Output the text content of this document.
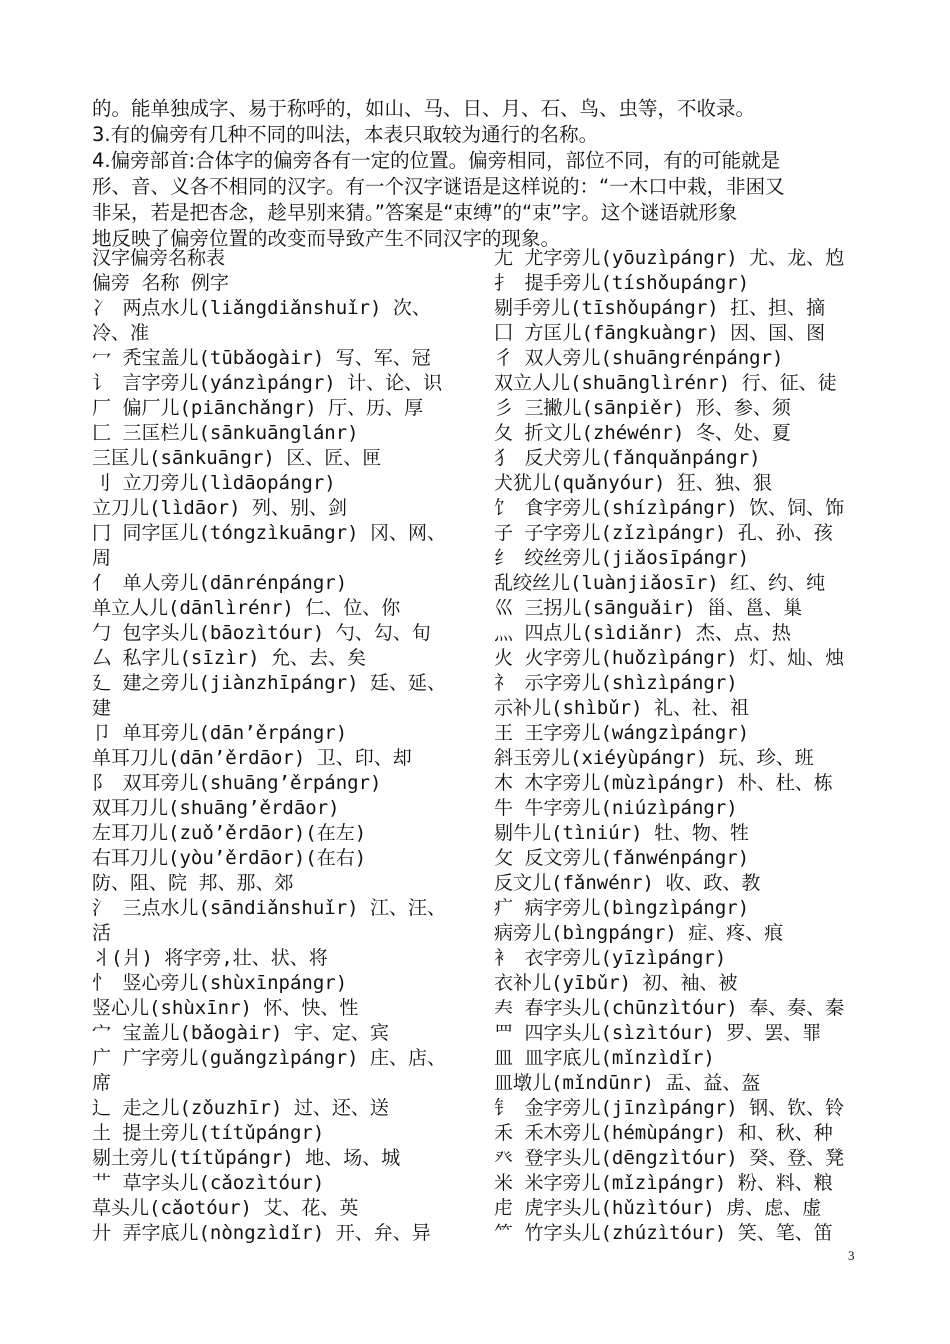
的。能单独成字、易于称呼的，如山、马、日、月、石、鸟、虫等，不收录。
3.有的偏旁有几种不同的叫法，本表只取较为通行的名称。
4.偏旁部首:合体字的偏旁各有一定的位置。偏旁相同，部位不同，有的可能就是
形、音、义各不相同的汉字。有一个汉字谜语是这样说的：“一木口中栽，非困又
非呆，若是把杏念，趁早别来猜。”答案是“束缚”的“束”字。这个谜语就形象
地反映了偏旁位置的改变而导致产生不同汉字的现象。
汉字偏旁名称表
偏旁 名称 例字
冫 两点水儿(liǎngdiǎnshuǐr) 次、
冷、准
冖 秃宝盖儿(tūbǎogàir) 写、军、冠
讠 言字旁儿(yánzìpángr) 计、论、识
厂 偏厂儿(piānchǎngr) 厅、历、厚
匚 三匡栏儿(sānkuānglánr)
三匡儿(sānkuāngr) 区、匠、匣
刂 立刀旁儿(lìdāopángr)
立刀儿(lìdāor) 列、别、剑
冂 同字匡儿(tóngzìkuāngr) 冈、网、
周
亻 单人旁儿(dānrénpángr)
单立人儿(dānlìrénr) 仁、位、你
勹 包字头儿(bāozìtóur) 勺、勾、旬
厶 私字儿(sīzìr) 允、去、矣
廴 建之旁儿(jiànzhīpángr) 廷、延、
建
卩 单耳旁儿(dān’ěrpángr)
单耳刀儿(dān’ěrdāor) 卫、印、却
阝 双耳旁儿(shuāng’ěrpángr)
双耳刀儿(shuāng’ěrdāor)
左耳刀儿(zuǒ’ěrdāor)(在左)
右耳刀儿(yòu’ěrdāor)(在右)
防、阻、院 邦、那、郊
氵 三点水儿(sāndiǎnshuǐr) 江、汪、
活
丬(爿) 将字旁,壮、状、将
忄 竖心旁儿(shùxīnpángr)
竖心儿(shùxīnr) 怀、快、性
宀 宝盖儿(bǎogàir) 宇、定、宾
广 广字旁儿(guǎngzìpángr) 庄、店、
席
辶 走之儿(zǒuzhīr) 过、还、送
土 提土旁儿(títǔpángr)
剔土旁儿(títǔpángr) 地、场、城
艹 草字头儿(cǎozìtóur)
草头儿(cǎotóur) 艾、花、英
廾 弄字底儿(nòngzìdǐr) 开、弁、异
尢 尤字旁儿(yōuzìpángr) 尤、龙、尥
扌 提手旁儿(tíshǒupángr)
剔手旁儿(tīshǒupángr) 扛、担、摘
囗 方匡儿(fāngkuàngr) 因、国、图
彳 双人旁儿(shuāngrénpángr)
双立人儿(shuānglìrénr) 行、征、徒
彡 三撇儿(sānpiěr) 形、参、须
夂 折文儿(zhéwénr) 冬、处、夏
犭 反犬旁儿(fǎnquǎnpángr)
犬犹儿(quǎnyóur) 狂、独、狠
饣 食字旁儿(shízìpángr) 饮、饲、饰
子 子字旁儿(zǐzìpángr) 孔、孙、孩
纟 绞丝旁儿(jiǎosīpángr)
乱绞丝儿(luànjiǎosīr) 红、约、纯
巛 三拐儿(sānguǎir) 甾、邕、巢
灬 四点儿(sìdiǎnr) 杰、点、热
火 火字旁儿(huǒzìpángr) 灯、灿、烛
礻 示字旁儿(shìzìpángr)
示补儿(shìbǔr) 礼、社、祖
王 王字旁儿(wángzìpángr)
斜玉旁儿(xiéyùpángr) 玩、珍、班
木 木字旁儿(mùzìpángr) 朴、杜、栋
牛 牛字旁儿(niúzìpángr)
剔牛儿(tìniúr) 牡、物、牲
攵 反文旁儿(fǎnwénpángr)
反文儿(fǎnwénr) 收、政、教
疒 病字旁儿(bìngzìpángr)
病旁儿(bìngpángr) 症、疼、痕
衤 衣字旁儿(yīzìpángr)
衣补儿(yībǔr) 初、袖、被
𡗗 春字头儿(chūnzìtóur) 奉、奏、秦
罒 四字头儿(sìzìtóur) 罗、罢、罪
皿 皿字底儿(mǐnzìdǐr)
皿墩儿(mǐndūnr) 盂、益、盔
钅 金字旁儿(jīnzìpángr) 钢、钦、铃
禾 禾木旁儿(hémùpángr) 和、秋、种
癶 登字头儿(dēngzìtóur) 癸、登、凳
米 米字旁儿(mǐzìpángr) 粉、料、粮
虍 虎字头儿(hǔzìtóur) 虏、虑、虚
⺮ 竹字头儿(zhúzìtóur) 笑、笔、笛
3
